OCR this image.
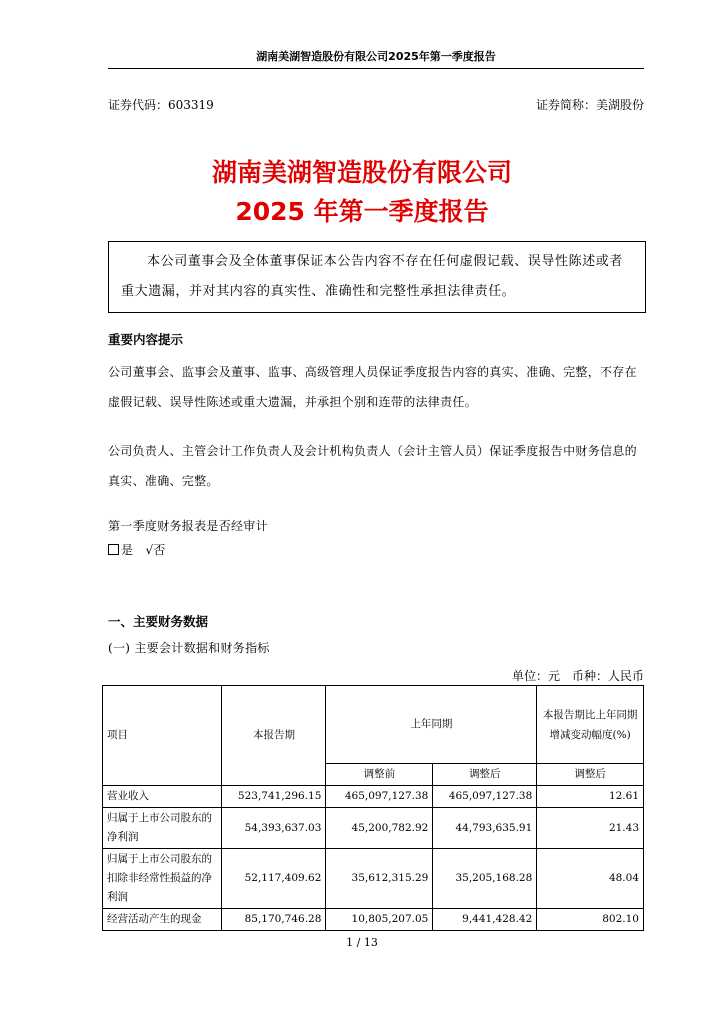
湖南美湖智造股份有限公司2025年第一季度报告
证券代码：603319	证券简称：美湖股份
湖南美湖智造股份有限公司
2025 年第一季度报告
本公司董事会及全体董事保证本公告内容不存在任何虚假记载、误导性陈述或者重大遗漏，并对其内容的真实性、准确性和完整性承担法律责任。
重要内容提示
公司董事会、监事会及董事、监事、高级管理人员保证季度报告内容的真实、准确、完整，不存在虚假记载、误导性陈述或重大遗漏，并承担个别和连带的法律责任。
公司负责人、主管会计工作负责人及会计机构负责人（会计主管人员）保证季度报告中财务信息的真实、准确、完整。
第一季度财务报表是否经审计
是 √否
一、主要财务数据
(一) 主要会计数据和财务指标
单位：元　币种：人民币
项目	本报告期	上年同期		本报告期比上年同期增减变动幅度(%)
		调整前	调整后	调整后
营业收入	523,741,296.15	465,097,127.38	465,097,127.38	12.61
归属于上市公司股东的净利润	54,393,637.03	45,200,782.92	44,793,635.91	21.43
归属于上市公司股东的扣除非经常性损益的净利润	52,117,409.62	35,612,315.29	35,205,168.28	48.04
经营活动产生的现金	85,170,746.28	10,805,207.05	9,441,428.42	802.10
1 / 13
